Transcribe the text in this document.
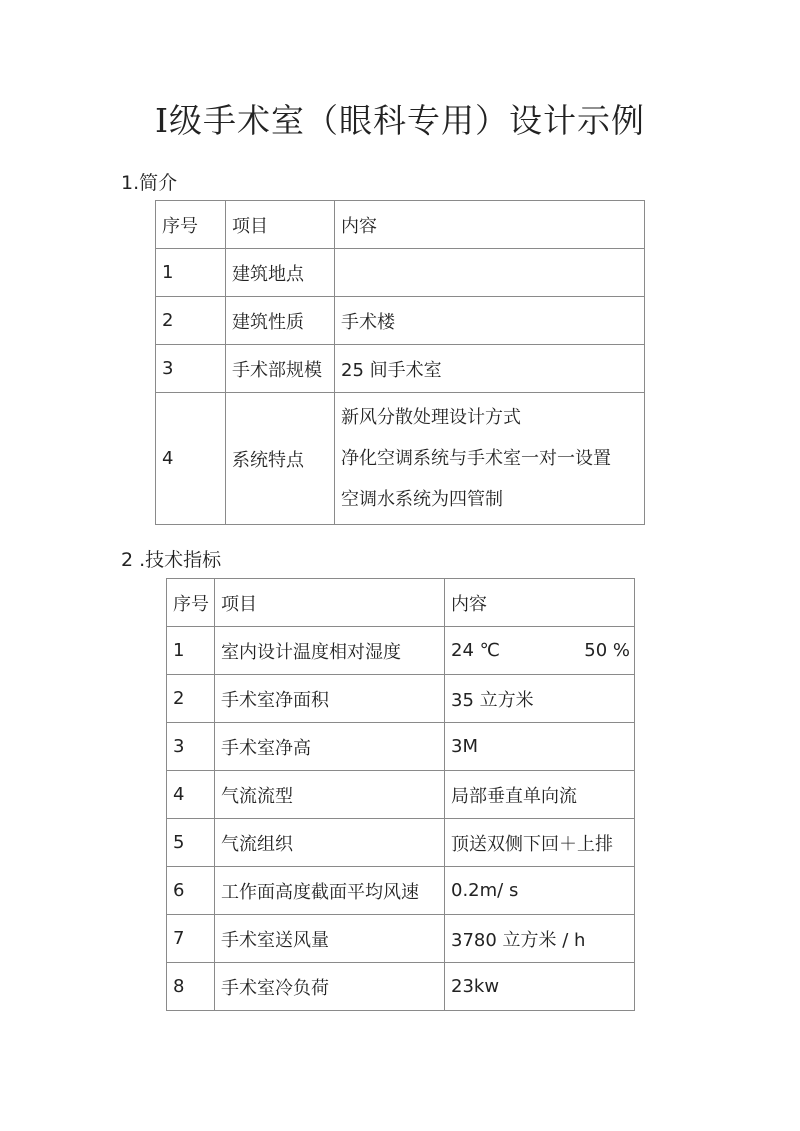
Ⅰ级手术室（眼科专用）设计示例
1.简介
序号	项目	内容
1	建筑地点	
2	建筑性质	手术楼
3	手术部规模	25 间手术室
4	系统特点	新风分散处理设计方式
净化空调系统与手术室一对一设置
空调水系统为四管制
2 .技术指标
序号	项目	内容
1	室内设计温度相对湿度	24 ℃ 50 %

2	手术室净面积	35 立方米
3	手术室净高	3M
4	气流流型	局部垂直单向流
5	气流组织	顶送双侧下回＋上排
6	工作面高度截面平均风速	0.2m/ s
7	手术室送风量	3780 立方米 / h
8	手术室冷负荷	23kw
